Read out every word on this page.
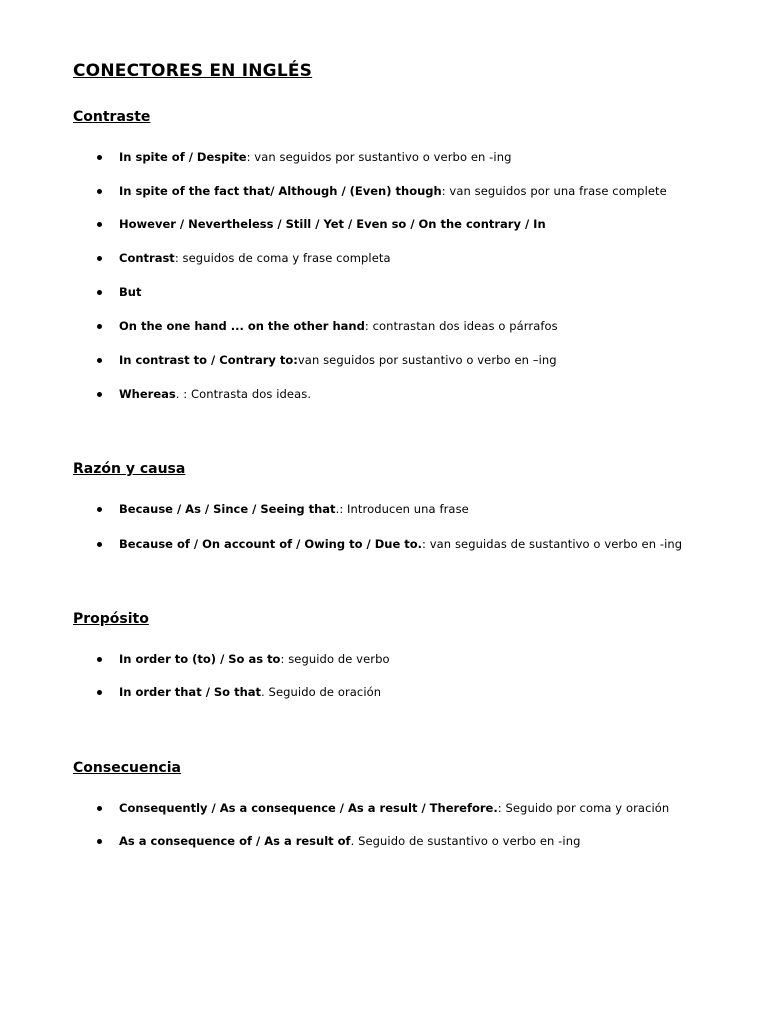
CONECTORES EN INGLÉS
Contraste
In spite of / Despite : van seguidos por sustantivo o verbo en -ing
In spite of the fact that/ Although / (Even) though : van seguidos por una frase complete
However / Nevertheless / Still / Yet / Even so / On the contrary / In
Contrast : seguidos de coma y frase completa
But
On the one hand ... on the other hand : contrastan dos ideas o párrafos
In contrast to / Contrary to: van seguidos por sustantivo o verbo en –ing
Whereas . : Contrasta dos ideas.
Razón y causa
Because / As / Since / Seeing that .: Introducen una frase
Because of / On account of / Owing to / Due to. : van seguidas de sustantivo o verbo en -ing
Propósito
In order to (to) / So as to : seguido de verbo
In order that / So that . Seguido de oración
Consecuencia
Consequently / As a consequence / As a result / Therefore. : Seguido por coma y oración
As a consequence of / As a result of . Seguido de sustantivo o verbo en -ing
